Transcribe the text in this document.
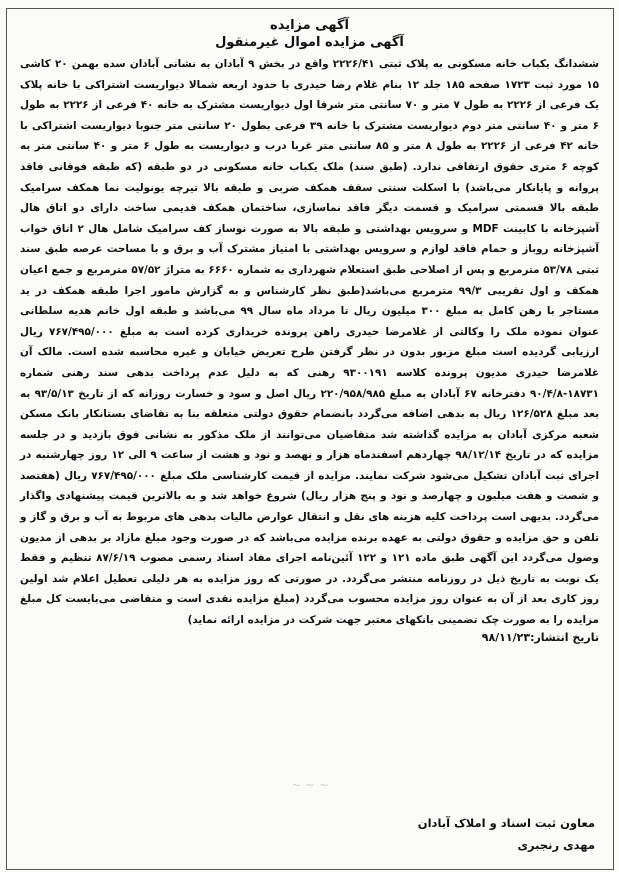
آگهی مزایده
آگهی مزایده اموال غیرمنقول

ششدانگ یکباب خانه مسکونی به پلاک ثبتی ۲۲۲۶/۴۱ واقع در بخش ۹ آبادان به نشانی آبادان سده بهمن ۲۰ کاشی ۱۵ مورد ثبت ۱۷۲۳ صفحه ۱۸۵ جلد ۱۲ بنام غلام رضا حیدری با حدود اربعه شمالا دیواریست اشتراکی با خانه پلاک یک فرعی از ۲۲۲۶ به طول ۷ متر و ۷۰ سانتی متر شرقا اول دیواریست مشترک به خانه ۴۰ فرعی از ۲۲۲۶ به طول ۶ متر و ۴۰ سانتی متر دوم دیواریست مشترک با خانه ۳۹ فرعی بطول ۲۰ سانتی متر جنوبا دیواریست اشتراکی با خانه ۴۲ فرعی از ۲۲۲۶ به طول ۸ متر و ۸۵ سانتی متر غربا درب و دیواریست به طول ۶ متر و ۴۰ سانتی متر به کوچه ۶ متری حقوق ارتفاقی ندارد. (طبق سند) ملک یکباب خانه مسکونی در دو طبقه (که طبقه فوقانی فاقد پروانه و پایانکار می‌باشد) با اسکلت سنتی سقف همکف ضربی و طبقه بالا تیرچه یونولیت نما همکف سرامیک طبقه بالا قسمتی سرامیک و قسمت دیگر فاقد نماسازی، ساختمان همکف قدیمی ساخت دارای دو اتاق هال آشپزخانه با کابینت MDF و سرویس بهداشتی و طبقه بالا به صورت نوساز کف سرامیک شامل هال ۲ اتاق خواب آشپزخانه روباز و حمام فاقد لوازم و سرویس بهداشتی با امتیاز مشترک آب و برق و با مساحت عرصه طبق سند ثبتی ۵۳/۷۸ مترمربع و پس از اصلاحی طبق استعلام شهرداری به شماره ۶۶۶۰ به متراژ ۵۷/۵۲ مترمربع و جمع اعیان همکف و اول تقریبی ۹۹/۳ مترمربع می‌باشد(طبق نظر کارشناس و به گزارش مامور اجرا طبقه همکف در ید مستاجر با رهن کامل به مبلغ ۳۰۰ میلیون ریال تا مرداد ماه سال ۹۹ می‌باشد و طبقه اول خانم هدیه سلطانی عنوان نموده ملک را وکالتی از غلامرضا حیدری راهن پرونده خریداری کرده است به مبلغ ۷۶۷/۴۹۵/۰۰۰ ریال ارزیابی گردیده است مبلغ مزبور بدون در نظر گرفتن طرح تعریض خیابان و غیره محاسبه شده است. مالک آن غلامرضا حیدری مدیون پرونده کلاسه ۹۳۰۰۱۹۱ رهنی که به دلیل عدم پرداخت بدهی سند رهنی شماره ۱۸۷۳۱-۹۰/۴/۸ دفترخانه ۶۷ آبادان به مبلغ ۲۲۰/۹۵۸/۹۸۵ ریال اصل و سود و خسارت روزانه که از تاریخ ۹۳/۵/۱۳ به بعد مبلغ ۱۲۶/۵۲۸ ریال به بدهی اضافه می‌گردد بانضمام حقوق دولتی متعلقه بنا به تقاضای بستانکار بانک مسکن شعبه مرکزی آبادان به مزایده گذاشته شد متقاضیان می‌توانند از ملک مذکور به نشانی فوق بازدید و در جلسه مزایده که در تاریخ ۹۸/۱۲/۱۴ چهاردهم اسفندماه هزار و نهصد و نود و هشت از ساعت ۹ الی ۱۲ روز چهارشنبه در اجرای ثبت آبادان تشکیل می‌شود شرکت نمایند. مزایده از قیمت کارشناسی ملک مبلغ ۷۶۷/۴۹۵/۰۰۰ ریال (هفتصد و شصت و هفت میلیون و چهارصد و نود و پنج هزار ریال) شروع خواهد شد و به بالاترین قیمت پیشنهادی واگذار می‌گردد. بدیهی است پرداخت کلیه هزینه های نقل و انتقال عوارض مالیات بدهی های مربوط به آب و برق و گاز و تلفن و حق مزایده و حقوق دولتی به عهده برنده مزایده می‌باشد که در صورت وجود مبلغ مازاد بر بدهی از مدیون وصول می‌گردد این آگهی طبق ماده ۱۲۱ و ۱۲۲ آئین‌نامه اجرای مفاد اسناد رسمی مصوب ۸۷/۶/۱۹ تنظیم و فقط یک نوبت به تاریخ ذیل در روزنامه منتشر می‌گردد. در صورتی که روز مزایده به هر دلیلی تعطیل اعلام شد اولین روز کاری بعد از آن به عنوان روز مزایده محسوب می‌گردد (مبلغ مزایده نقدی است و متقاضی می‌بایست کل مبلغ مزایده را به صورت چک تضمینی بانکهای معتبر جهت شرکت در مزایده ارائه نماید)

تاریخ انتشار:۹۸/۱۱/۲۳
~ ~ ~
معاون ثبت اسناد و املاک آبادان
مهدی رنجبری
